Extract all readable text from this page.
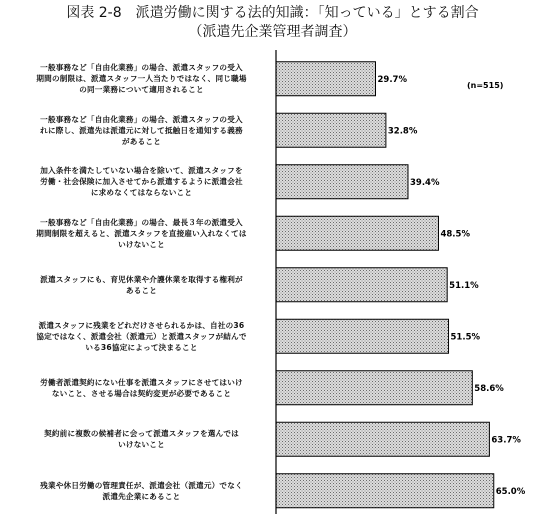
図表 2-8　派遣労働に関する法的知識：「知っている」とする割合
（派遣先企業管理者調査）
29.7%
32.8%
39.4%
48.5%
51.1%
51.5%
58.6%
63.7%
65.0%
(n=515)
一般事務など「自由化業務」の場合、派遣スタッフの受入
期間の制限は、派遣スタッフ一人当たりではなく、同じ職場
の同一業務について適用されること
一般事務など「自由化業務」の場合、派遣スタッフの受入
れに際し、派遣先は派遣元に対して抵触日を通知する義務
があること
加入条件を満たしていない場合を除いて、派遣スタッフを
労働・社会保険に加入させてから派遣するように派遣会社
に求めなくてはならないこと
一般事務など「自由化業務」の場合、最長３年の派遣受入
期間制限を超えると、派遣スタッフを直接雇い入れなくては
いけないこと
派遣スタッフにも、育児休業や介護休業を取得する権利が
あること
派遣スタッフに残業をどれだけさせられるかは、自社の36
協定ではなく、派遣会社（派遣元）と派遣スタッフが結んで
いる36協定によって決まること
労働者派遣契約にない仕事を派遣スタッフにさせてはいけ
ないこと、させる場合は契約変更が必要であること
契約前に複数の候補者に会って派遣スタッフを選んでは
いけないこと
残業や休日労働の管理責任が、派遣会社（派遣元）でなく
派遣先企業にあること
